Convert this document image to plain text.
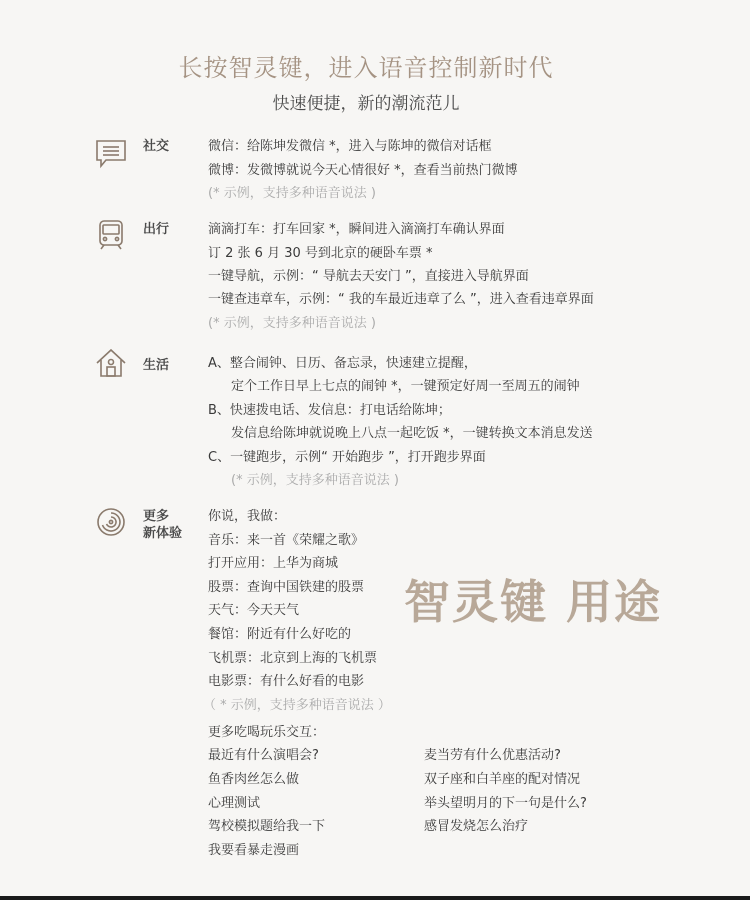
长按智灵键，进入语音控制新时代
快速便捷，新的潮流范儿
社交	微信：给陈坤发微信 *，进入与陈坤的微信对话框
微博：发微博就说今天心情很好 *，查看当前热门微博
(* 示例，支持多种语音说法 )
出行	滴滴打车：打车回家 *，瞬间进入滴滴打车确认界面
订 2 张 6 月 30 号到北京的硬卧车票 *
一键导航，示例：“ 导航去天安门 ”，直接进入导航界面
一键查违章车，示例：“ 我的车最近违章了么 ”，进入查看违章界面
(* 示例，支持多种语音说法 )
生活	A、整合闹钟、日历、备忘录，快速建立提醒，
定个工作日早上七点的闹钟 *，一键预定好周一至周五的闹钟
B、快速拨电话、发信息：打电话给陈坤；
发信息给陈坤就说晚上八点一起吃饭 *，一键转换文本消息发送
C、一键跑步，示例“ 开始跑步 ”，打开跑步界面
(* 示例，支持多种语音说法 )
更多
新体验
你说，我做：
音乐：来一首《荣耀之歌》
打开应用：上华为商城
股票：查询中国铁建的股票
天气：今天天气
餐馆：附近有什么好吃的
飞机票：北京到上海的飞机票
电影票：有什么好看的电影
（ * 示例，支持多种语音说法 ）
智灵键 用途
更多吃喝玩乐交互：
最近有什么演唱会?
鱼香肉丝怎么做
心理测试
驾校模拟题给我一下
我要看暴走漫画
麦当劳有什么优惠活动?
双子座和白羊座的配对情况
举头望明月的下一句是什么?
感冒发烧怎么治疗
